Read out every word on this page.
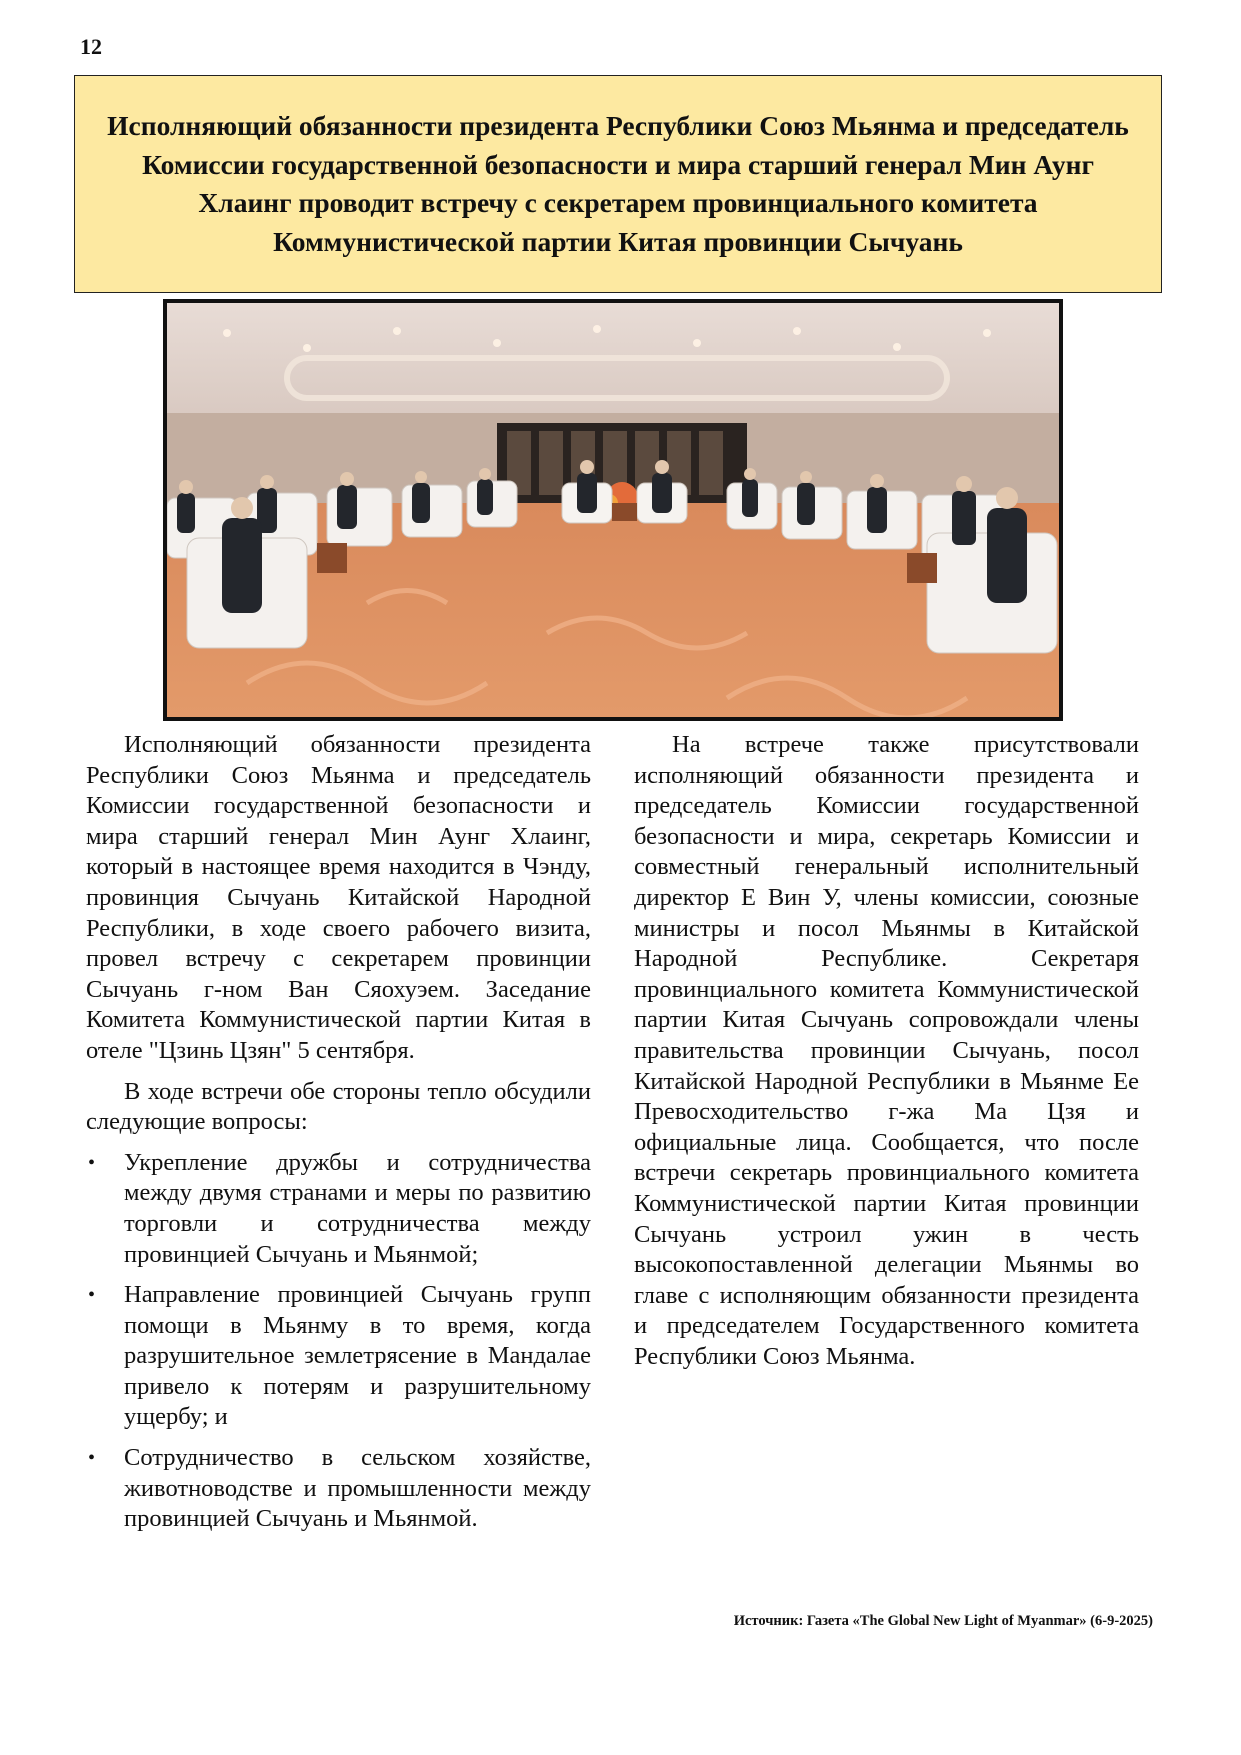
12
Исполняющий обязанности президента Республики Союз Мьянма и председатель Комиссии государственной безопасности и мира старший генерал Мин Аунг Хлаинг проводит встречу с секретарем провинциального комитета Коммунистической партии Китая провинции Сычуань

Исполняющий обязанности президента Республики Союз Мьянма и председатель Комиссии государственной безопасности и мира старший генерал Мин Аунг Хлаинг, который в настоящее время находится в Чэнду, провинция Сычуань Китайской Народной Республики, в ходе своего рабочего визита, провел встречу с секретарем провинции Сычуань г-ном Ван Сяохуэем. Заседание Комитета Коммунистической партии Китая в отеле "Цзинь Цзян" 5 сентября.

В ходе встречи обе стороны тепло обсудили следующие вопросы:

• Укрепление дружбы и сотрудничества между двумя странами и меры по развитию торговли и сотрудничества между провинцией Сычуань и Мьянмой;
• Направление провинцией Сычуань групп помощи в Мьянму в то время, когда разрушительное землетрясение в Мандалае привело к потерям и разрушительному ущербу; и
• Сотрудничество в сельском хозяйстве, животноводстве и промышленности между провинцией Сычуань и Мьянмой.

На встрече также присутствовали исполняющий обязанности президента и председатель Комиссии государственной безопасности и мира, секретарь Комиссии и совместный генеральный исполнительный директор Е Вин У, члены комиссии, союзные министры и посол Мьянмы в Китайской Народной Республике. Секретаря провинциального комитета Коммунистической партии Китая Сычуань сопровождали члены правительства провинции Сычуань, посол Китайской Народной Республики в Мьянме Ее Превосходительство г-жа Ма Цзя и официальные лица. Сообщается, что после встречи секретарь провинциального комитета Коммунистической партии Китая провинции Сычуань устроил ужин в честь высокопоставленной делегации Мьянмы во главе с исполняющим обязанности президента и председателем Государственного комитета Республики Союз Мьянма.

Источник: Газета «The Global New Light of Myanmar» (6-9-2025)
